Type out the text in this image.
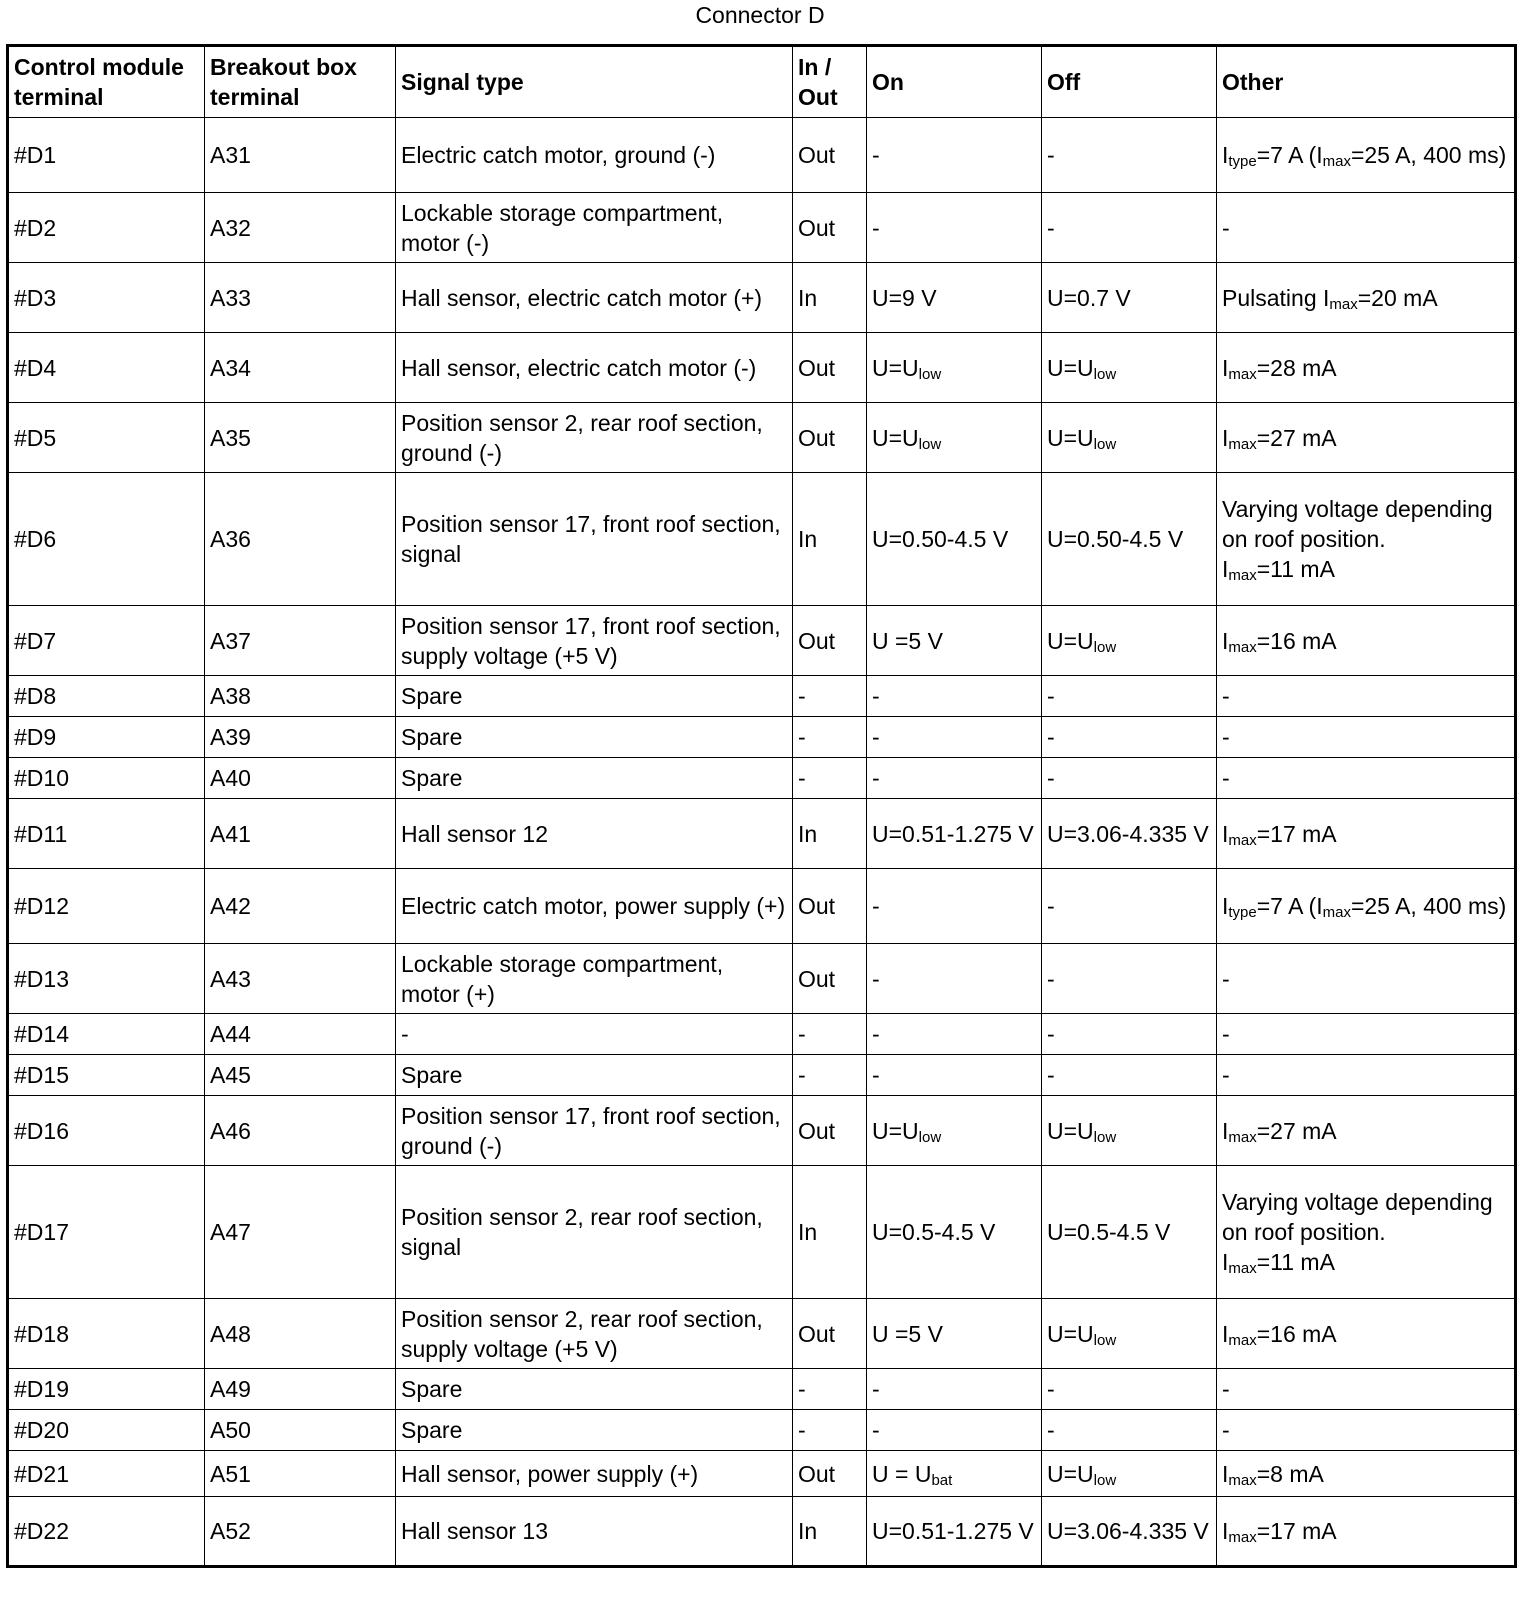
Connector D
Control module terminal	Breakout box terminal	Signal type	In / Out	On	Off	Other
#D1	A31	Electric catch motor, ground (-)	Out	-	-	$I_{type}=7$ A ($I_{max}=25$ A, 400 ms)
#D2	A32	Lockable storage compartment, motor (-)	Out	-	-	-
#D3	A33	Hall sensor, electric catch motor (+)	In	U=9 V	U=0.7 V	Pulsating $I_{max}=20$ mA
#D4	A34	Hall sensor, electric catch motor (-)	Out	$U=U_{low}$	$U=U_{low}$	$I_{max}=28$ mA
#D5	A35	Position sensor 2, rear roof section, ground (-)	Out	$U=U_{low}$	$U=U_{low}$	$I_{max}=27$ mA
#D6	A36	Position sensor 17, front roof section, signal	In	U=0.50-4.5 V	U=0.50-4.5 V	Varying voltage depending on roof position.
$I_{max}=11$ mA
#D7	A37	Position sensor 17, front roof section, supply voltage (+5 V)	Out	U =5 V	$U=U_{low}$	$I_{max}=16$ mA
#D8	A38	Spare	-	-	-	-
#D9	A39	Spare	-	-	-	-
#D10	A40	Spare	-	-	-	-
#D11	A41	Hall sensor 12	In	U=0.51-1.275 V	U=3.06-4.335 V	$I_{max}=17$ mA
#D12	A42	Electric catch motor, power supply (+)	Out	-	-	$I_{type}=7$ A ($I_{max}=25$ A, 400 ms)
#D13	A43	Lockable storage compartment, motor (+)	Out	-	-	-
#D14	A44	-	-	-	-	-
#D15	A45	Spare	-	-	-	-
#D16	A46	Position sensor 17, front roof section, ground (-)	Out	$U=U_{low}$	$U=U_{low}$	$I_{max}=27$ mA
#D17	A47	Position sensor 2, rear roof section, signal	In	U=0.5-4.5 V	U=0.5-4.5 V	Varying voltage depending on roof position.
$I_{max}=11$ mA
#D18	A48	Position sensor 2, rear roof section, supply voltage (+5 V)	Out	U =5 V	$U=U_{low}$	$I_{max}=16$ mA
#D19	A49	Spare	-	-	-	-
#D20	A50	Spare	-	-	-	-
#D21	A51	Hall sensor, power supply (+)	Out	$U = U_{bat}$	$U=U_{low}$	$I_{max}=8$ mA
#D22	A52	Hall sensor 13	In	U=0.51-1.275 V	U=3.06-4.335 V	$I_{max}=17$ mA
